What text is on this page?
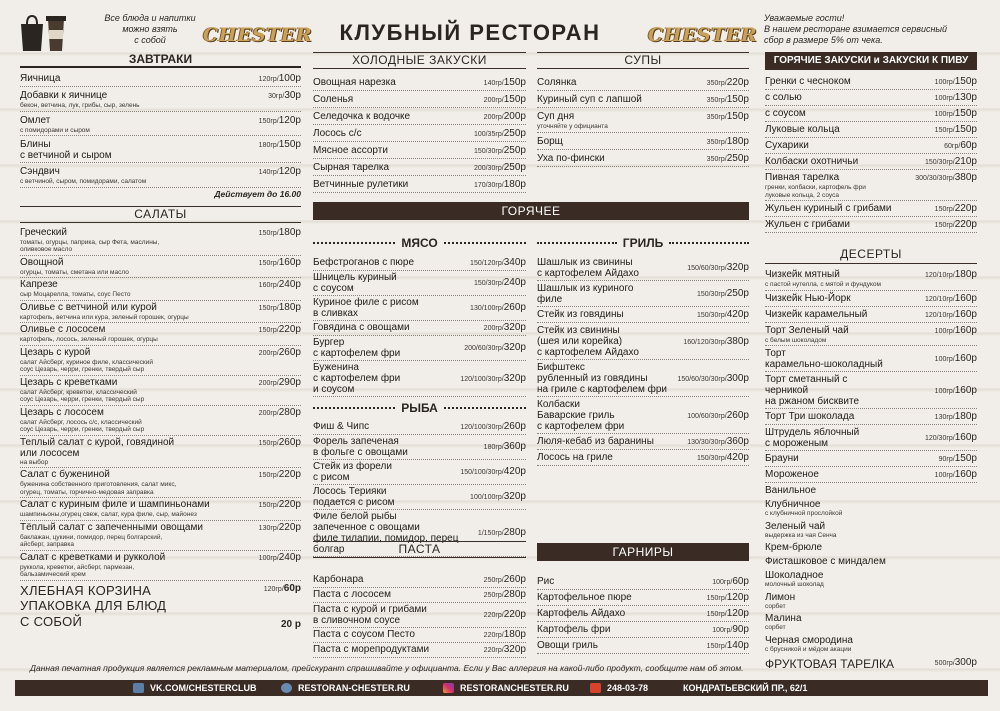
Все блюда и напитки
можно взять
с собой	CHESTER	КЛУБНЫЙ РЕСТОРАН	CHESTER
Уважаемые гости!
В нашем ресторане взимается сервисный
сбор в размере 5% от чека.
ЗАВТРАКИ
Яичница	120гр/100р
Добавки к яичнице	30гр/30р
бекон, ветчина, лук, грибы, сыр, зелень
Омлет	150гр/120р
с помидорами и сыром
Блины
с ветчиной и сыром
180гр/150р
Сэндвич	140гр/120р
с ветчиной, сыром, помидорами, салатом
Действует до 16.00
САЛАТЫ
Греческий	150гр/180р
томаты, огурцы, паприка, сыр Фета, маслины,
оливковое масло
Овощной	150гр/160р
огурцы, томаты, сметана или масло
Капрезе	160гр/240р
сыр Моцарелла, томаты, соус Песто
Оливье с ветчиной или курой	150гр/180р
картофель, ветчина или кура, зеленый горошек, огурцы
Оливье с лососем	150гр/220р
картофель, лосось, зеленый горошек, огурцы
Цезарь с курой	200гр/260р
салат Айсберг, куриное филе, классический
соус Цезарь, черри, гренки, твердый сыр
Цезарь с креветками	200гр/290р
салат Айсберг, креветки, классический
соус Цезарь, черри, гренки, твердый сыр
Цезарь с лососем	200гр/280р
салат Айсберг, лосось с/с, классический
соус Цезарь, черри, гренки, твердый сыр
Теплый салат с курой, говядиной
или лососем
150гр/260р
на выбор
Салат с бужениной	150гр/220р
буженина собственного приготовления, салат микс,
огурец, томаты, горчично-медовая заправка
Салат с куриным филе и шампиньонами	150гр/220р
шампиньоны,огурец свеж, салат, кура филе, сыр, майонез
Тёплый салат с запеченными овощами	130гр/220р
баклажан, цукини, помидор, перец болгарский,
айсберг, заправка
Салат с креветками и рукколой	100гр/240р
руккола, креветки, айсберг, пармезан,
бальзамический крем
ХЛЕБНАЯ КОРЗИНА	120гр/60р
УПАКОВКА ДЛЯ БЛЮД
С СОБОЙ	20 р
ХОЛОДНЫЕ ЗАКУСКИ
Овощная нарезка	140гр/150р
Соленья	200гр/150р
Селедочка к водочке	200гр/200р
Лосось с/с	100/35гр/250р
Мясное ассорти	150/30гр/250р
Сырная тарелка	200/30гр/250р
Ветчинные рулетики	170/30гр/180р
ГОРЯЧЕЕ
МЯСО
Бефстроганов с пюре	150/120гр/340р
Шницель куриный
с соусом	150/30гр/240р
Куриное филе с рисом
в сливках	130/100гр/260р
Говядина с овощами	200гр/320р
Бургер
с картофелем фри	200/60/30гр/320р
Буженина
с картофелем фри
и соусом
120/100/30гр/320р
РЫБА
Фиш & Чипс	120/100/30гр/260р
Форель запеченая
в фольге с овощами	180гр/360р
Стейк из форели
с рисом	150/100/30гр/420р
Лосось Терияки
подается с рисом	100/100гр/320р
Филе белой рыбы
запеченное с овощами
филе тилапии, помидор, перец болгар
1/150гр/280р
ПАСТА
Карбонара	250гр/260р
Паста с лососем	250гр/280р
Паста с курой и грибами
в сливочном соусе	220гр/220р
Паста с соусом Песто	220гр/180р
Паста с морепродуктами	220гр/320р
СУПЫ
Солянка	350гр/220р
Куриный суп с лапшой	350гр/150р
Суп дня	350гр/150р
уточняйте у официанта
Борщ	350гр/180р
Уха по-фински	350гр/250р
ГРИЛЬ
Шашлык из свинины
с картофелем Айдахо	150/60/30гр/320р
Шашлык из куриного
филе	150/30гр/250р
Стейк из говядины	150/30гр/420р
Стейк из свинины
(шея или корейка)
с картофелем Айдахо
160/120/30гр/380р
Бифштекс
рубленный из говядины
на гриле с картофелем фри
150/60/30/30гр/300р
Колбаски
Баварские гриль
с картофелем фри
100/60/30гр/260р
Люля-кебаб из баранины	130/30/30гр/360р
Лосось на гриле	150/30гр/420р
ГАРНИРЫ
Рис	100гр/60р
Картофельное пюре	150гр/120р
Картофель Айдахо	150гр/120р
Картофель фри	100гр/90р
Овощи гриль	150гр/140р
ГОРЯЧИЕ ЗАКУСКИ и ЗАКУСКИ К ПИВУ
Гренки с чесноком	100гр/150р
с солью	100гр/130р
с соусом	100гр/150р
Луковые кольца	150гр/150р
Сухарики	60гр/60р
Колбаски охотничьи	150/30гр/210р
Пивная тарелка	300/30/30гр/380р
гренки, колбаски, картофель фри
луковые кольца, 2 соуса
Жульен куриный с грибами	150гр/220р
Жульен с грибами	150гр/220р
ДЕСЕРТЫ
Чизкейк мятный	120/10гр/180р
с пастой нутелла, с мятой и фундуком
Чизкейк Нью-Йорк	120/10гр/160р
Чизкейк карамельный	120/10гр/160р
Торт Зеленый чай	100гр/160р
с белым шоколадом
Торт
карамельно-шоколадный	100гр/160р
Торт сметанный с
черникой
на ржаном бисквите
100гр/160р
Торт Три шоколада	130гр/180р
Штрудель яблочный
с мороженым	120/30гр/160р
Брауни	90гр/150р
Мороженое	100гр/160р
Ванильное
Клубничное
с клубничной прослойкой
Зеленый чай
выдержка из чая Сенча
Крем-брюле
Фисташковое с миндалем
Шоколадное
молочный шоколад
Лимон
сорбет
Малина
сорбет
Черная смородина
с брусникой и мёдом акации
ФРУКТОВАЯ ТАРЕЛКА	500гр/300р
Данная печатная продукция является рекламным материалом, прейскурант спрашивайте у официанта. Если у Вас аллергия на какой-либо продукт, сообщите нам об этом.
VK.COM/CHESTERCLUB	RESTORAN-CHESTER.RU	RESTORANCHESTER.RU	248-03-78	КОНДРАТЬЕВСКИЙ ПР., 62/1
